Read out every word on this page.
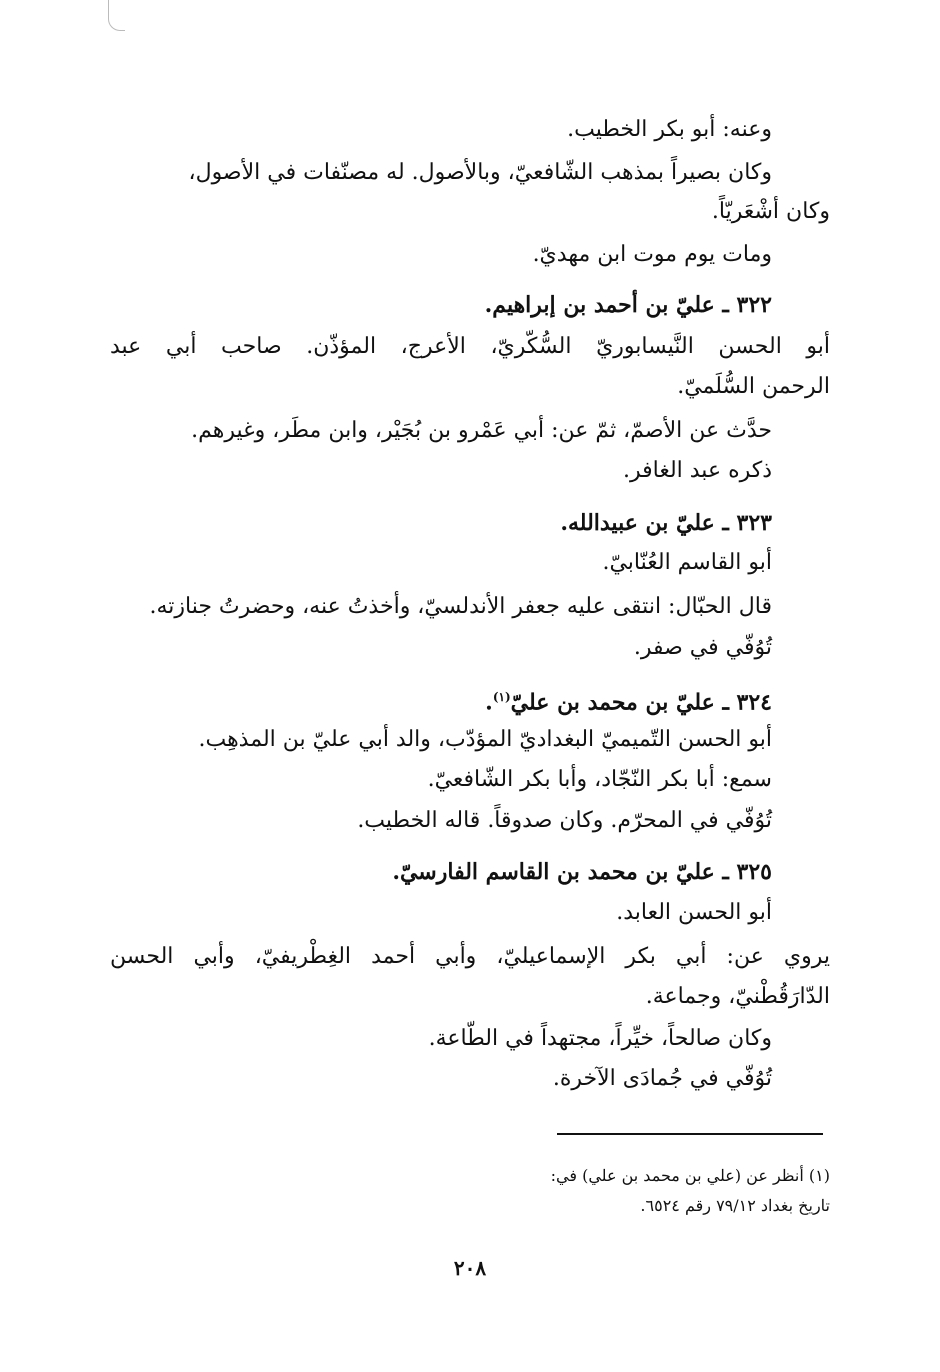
وعنه: أبو بكر الخطيب.
وكان بصيراً بمذهب الشّافعيّ، وبالأصول. له مصنّفات في الأصول،
وكان أشْعَريّاً.
ومات يوم موت ابن مهديّ.
٣٢٢ ـ عليّ بن أحمد بن إبراهيم.
أبو الحسن النَّيسابوريّ السُّكّريّ، الأعرج، المؤذّن. صاحب أبي عبد
الرحمن السُّلَميّ.
حدَّث عن الأصمّ، ثمّ عن: أبي عَمْرو بن بُجَيْر، وابن مطَر، وغيرهم.
ذكره عبد الغافر.
٣٢٣ ـ عليّ بن عبيدالله.
أبو القاسم العُنّابيّ.
قال الحبّال: انتقى عليه جعفر الأندلسيّ، وأخذتُ عنه، وحضرتُ جنازته.
تُوُفّي في صفر.
٣٢٤ ـ عليّ بن محمد بن عليّ$^{(١)}$.
أبو الحسن التّميميّ البغداديّ المؤدّب، والد أبي عليّ بن المذهِب.
سمع: أبا بكر النّجّاد، وأبا بكر الشّافعيّ.
تُوُفّي في المحرّم. وكان صدوقاً. قاله الخطيب.
٣٢٥ ـ عليّ بن محمد بن القاسم الفارسيّ.
أبو الحسن العابد.
يروي عن: أبي بكر الإسماعيليّ، وأبي أحمد الغِطْريفيّ، وأبي الحسن
الدّارَقُطْنيّ، وجماعة.
وكان صالحاً، خيِّراً، مجتهداً في الطّاعة.
تُوُفّي في جُمادَى الآخرة.
(١) أنظر عن (علي بن محمد بن علي) في:
تاريخ بغداد ٧٩/١٢ رقم ٦٥٢٤.
٢٠٨
